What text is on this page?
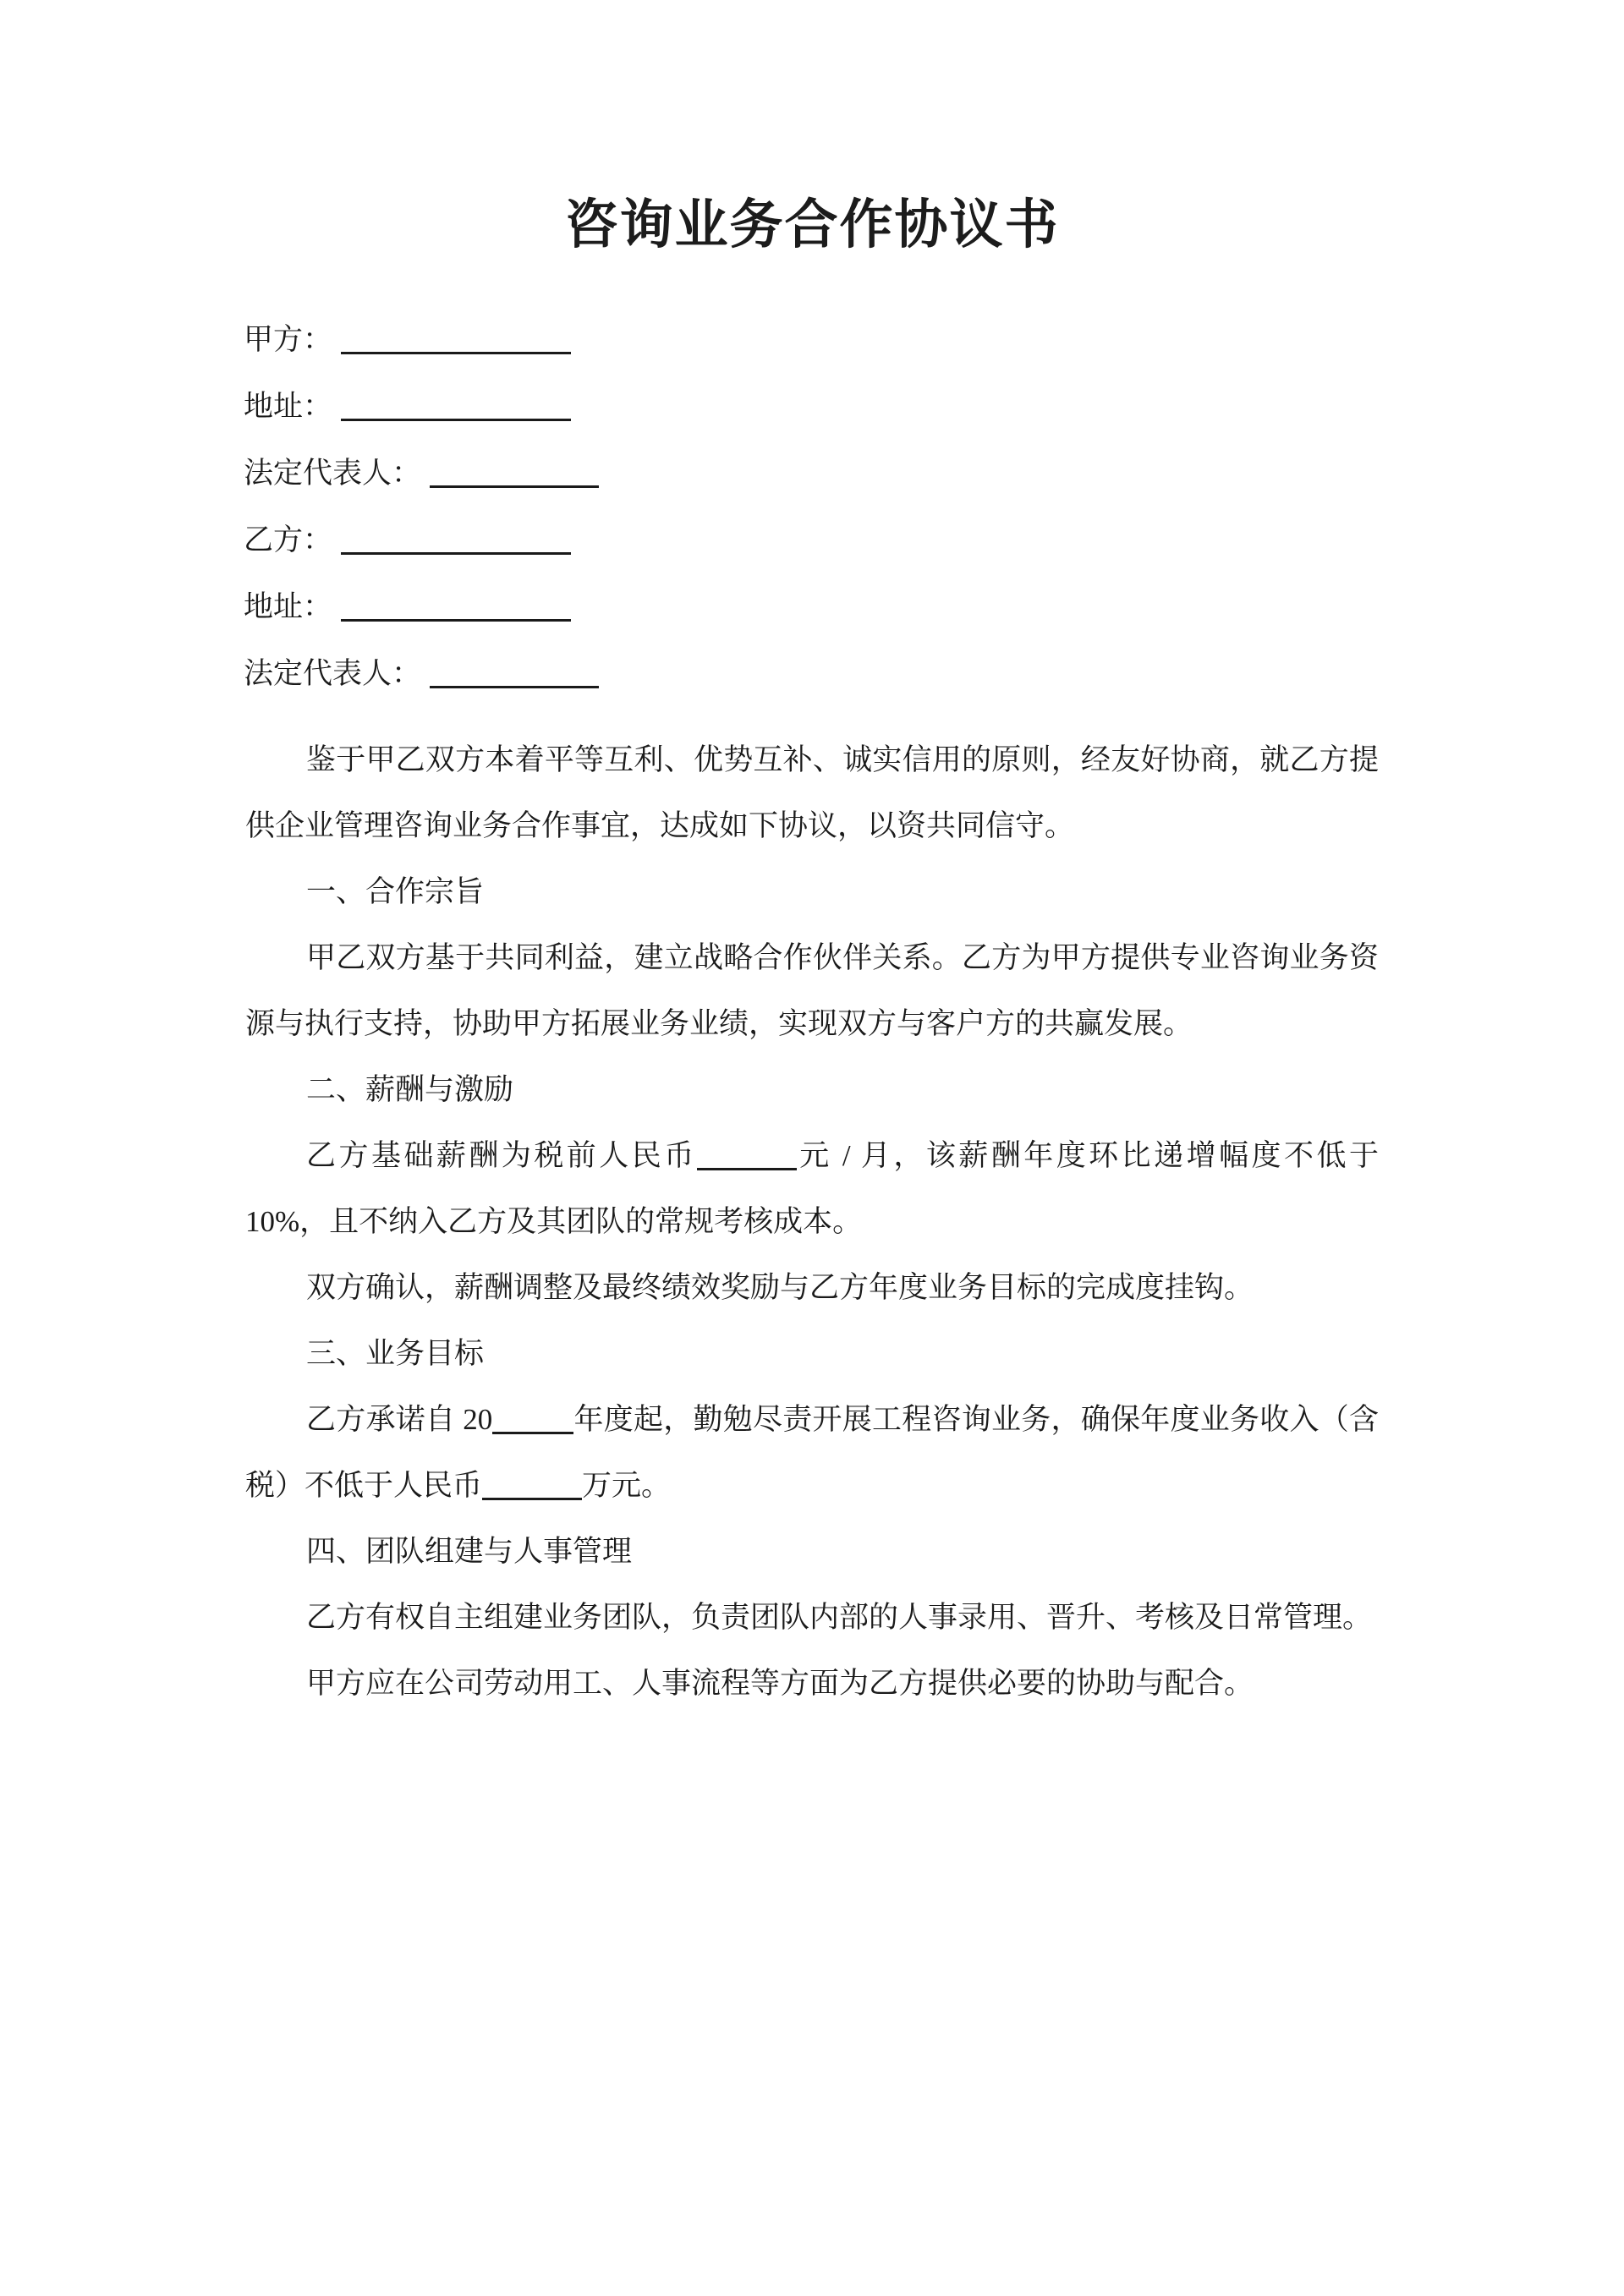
咨询业务合作协议书
甲方：
地址：
法定代表人：
乙方：
地址：
法定代表人：

鉴于甲乙双方本着平等互利、优势互补、诚实信用的原则，经友好协商，就乙方提供企业管理咨询业务合作事宜，达成如下协议，以资共同信守。

一、合作宗旨

甲乙双方基于共同利益，建立战略合作伙伴关系。乙方为甲方提供专业咨询业务资源与执行支持，协助甲方拓展业务业绩，实现双方与客户方的共赢发展。

二、薪酬与激励

乙方基础薪酬为税前人民币	元 / 月，该薪酬年度环比递增幅度不低于 10%，且不纳入乙方及其团队的常规考核成本。

双方确认，薪酬调整及最终绩效奖励与乙方年度业务目标的完成度挂钩。

三、业务目标

乙方承诺自 20	年度起，勤勉尽责开展工程咨询业务，确保年度业务收入（含税）不低于人民币	万元。

四、团队组建与人事管理

乙方有权自主组建业务团队，负责团队内部的人事录用、晋升、考核及日常管理。

甲方应在公司劳动用工、人事流程等方面为乙方提供必要的协助与配合。
